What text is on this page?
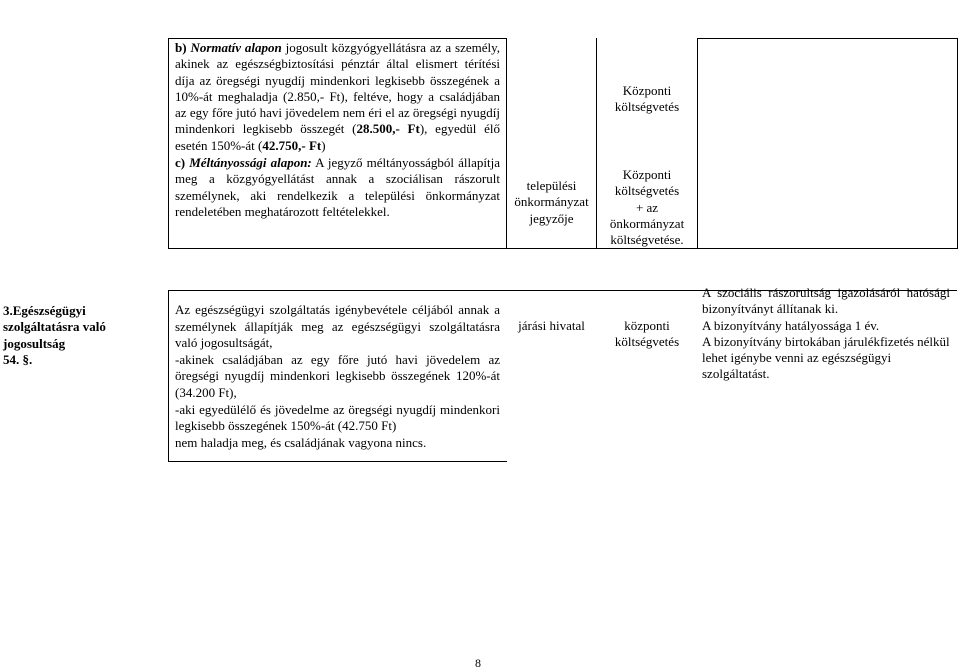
b) Normatív alapon jogosult közgyógyellátásra az a személy, akinek az egészségbiztosítási pénztár által elismert térítési díja az öregségi nyugdíj mindenkori legkisebb összegének a 10%-át meghaladja (2.850,- Ft), feltéve, hogy a családjában az egy főre jutó havi jövedelem nem éri el az öregségi nyugdíj mindenkori legkisebb összegét (28.500,- Ft), egyedül élő esetén 150%-át (42.750,- Ft)

c) Méltányossági alapon: A jegyző méltányosságból állapítja meg a közgyógyellátást annak a szociálisan rászorult személynek, aki rendelkezik a települési önkormányzat rendeletében meghatározott feltételekkel.

települési
önkormányzat
jegyzője
Központi
költségvetés
Központi
költségvetés
+ az
önkormányzat
költségvetése.
3.Egészségügyi
szolgáltatásra való
jogosultság
54. §.

Az egészségügyi szolgáltatás igénybevétele céljából annak a személynek állapítják meg az egészségügyi szolgáltatásra való jogosultságát,

-akinek családjában az egy főre jutó havi jövedelem az öregségi nyugdíj mindenkori legkisebb összegének 120%-át (34.200 Ft),

-aki egyedülélő és jövedelme az öregségi nyugdíj mindenkori legkisebb összegének 150%-át (42.750 Ft)

nem haladja meg, és családjának vagyona nincs.

járási hivatal	központi
költségvetés

A szociális rászorultság igazolásáról hatósági bizonyítványt állítanak ki.

A bizonyítvány hatályossága 1 év.

A bizonyítvány birtokában járulékfizetés nélkül lehet igénybe venni az egészségügyi szolgáltatást.

8
